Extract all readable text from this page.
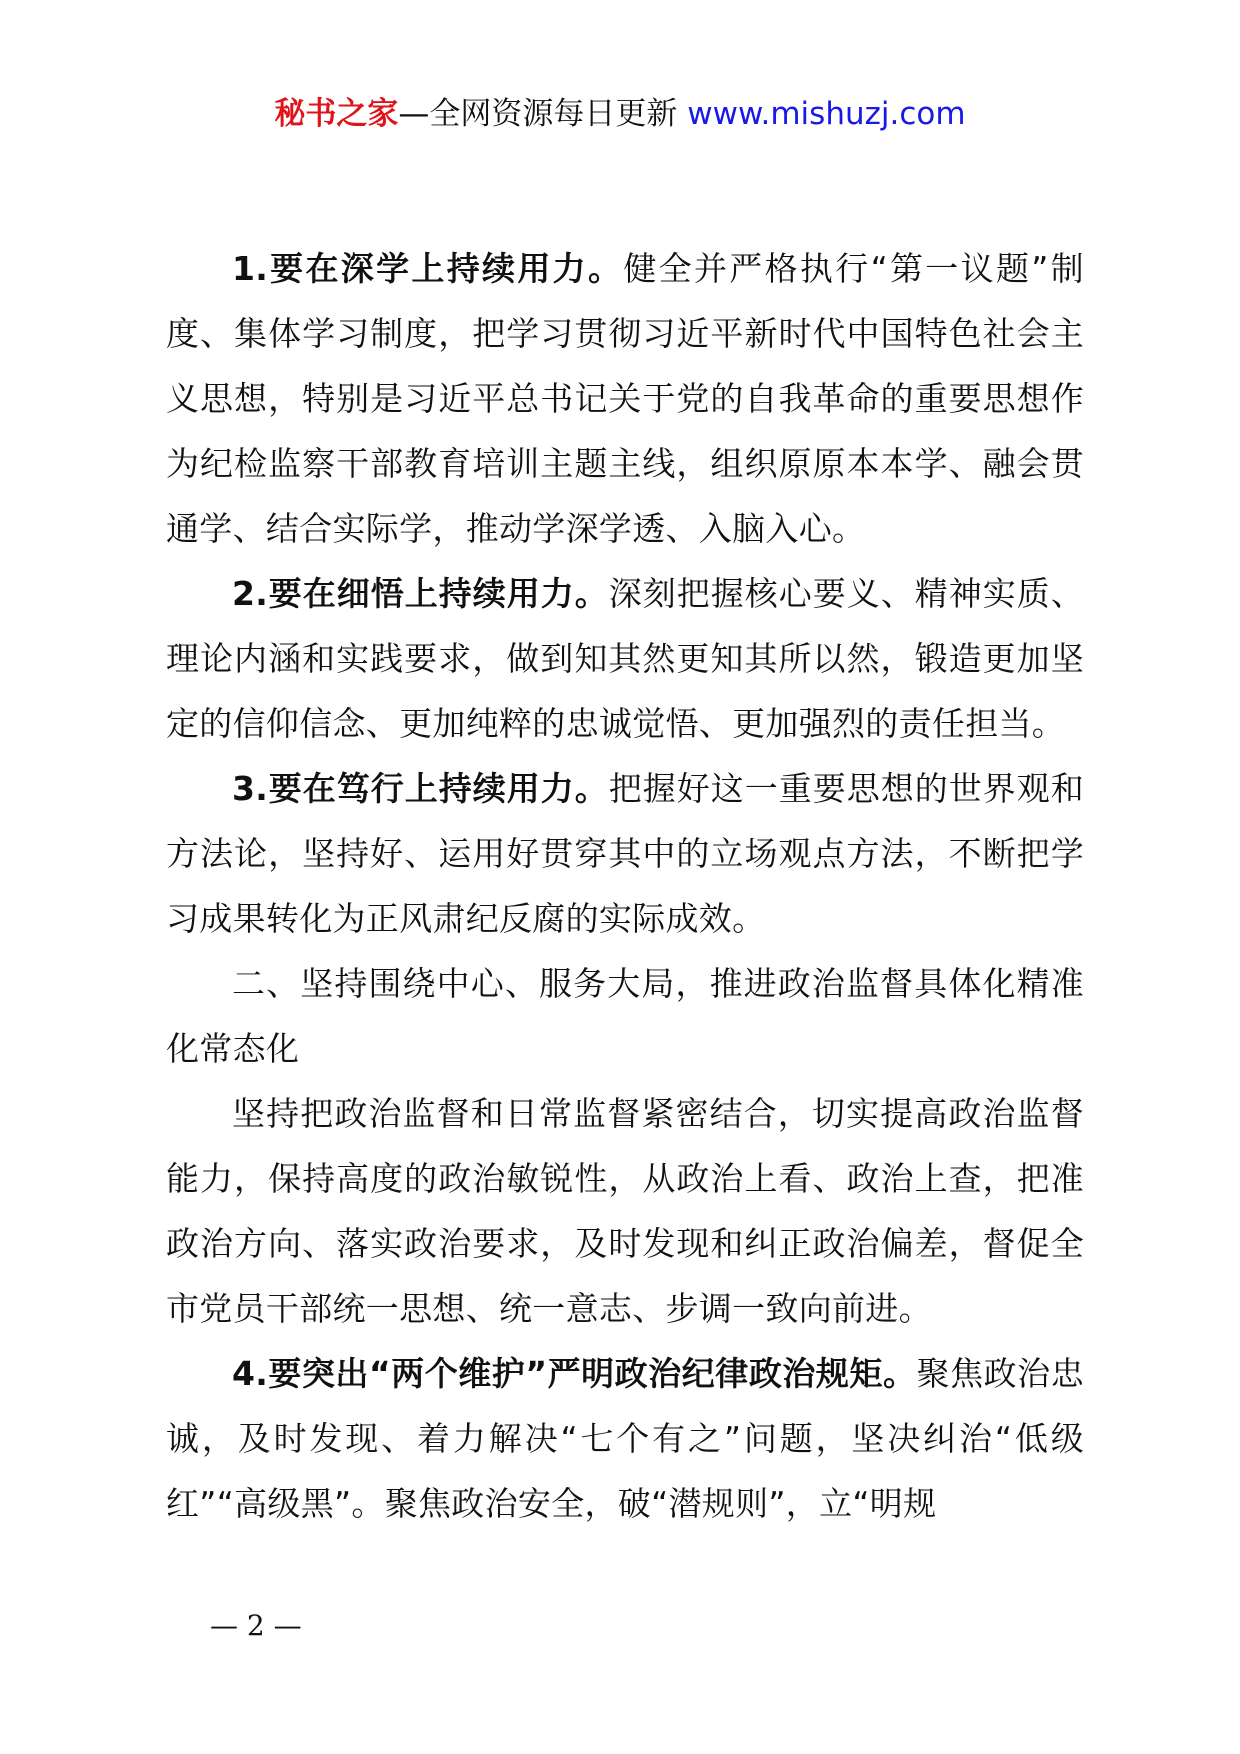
秘书之家—全网资源每日更新 www.mishuzj.com

1.要在深学上持续用力。健全并严格执行“第一议题”制度、集体学习制度，把学习贯彻习近平新时代中国特色社会主义思想，特别是习近平总书记关于党的自我革命的重要思想作为纪检监察干部教育培训主题主线，组织原原本本学、融会贯通学、结合实际学，推动学深学透、入脑入心。

2.要在细悟上持续用力。深刻把握核心要义、精神实质、理论内涵和实践要求，做到知其然更知其所以然，锻造更加坚定的信仰信念、更加纯粹的忠诚觉悟、更加强烈的责任担当。

3.要在笃行上持续用力。把握好这一重要思想的世界观和方法论，坚持好、运用好贯穿其中的立场观点方法，不断把学习成果转化为正风肃纪反腐的实际成效。

二、坚持围绕中心、服务大局，推进政治监督具体化精准化常态化

坚持把政治监督和日常监督紧密结合，切实提高政治监督能力，保持高度的政治敏锐性，从政治上看、政治上查，把准政治方向、落实政治要求，及时发现和纠正政治偏差，督促全市党员干部统一思想、统一意志、步调一致向前进。

4.要突出“两个维护”严明政治纪律政治规矩。聚焦政治忠诚，及时发现、着力解决“七个有之”问题，坚决纠治“低级红”“高级黑”。聚焦政治安全，破“潜规则”，立“明规

— 2 —
